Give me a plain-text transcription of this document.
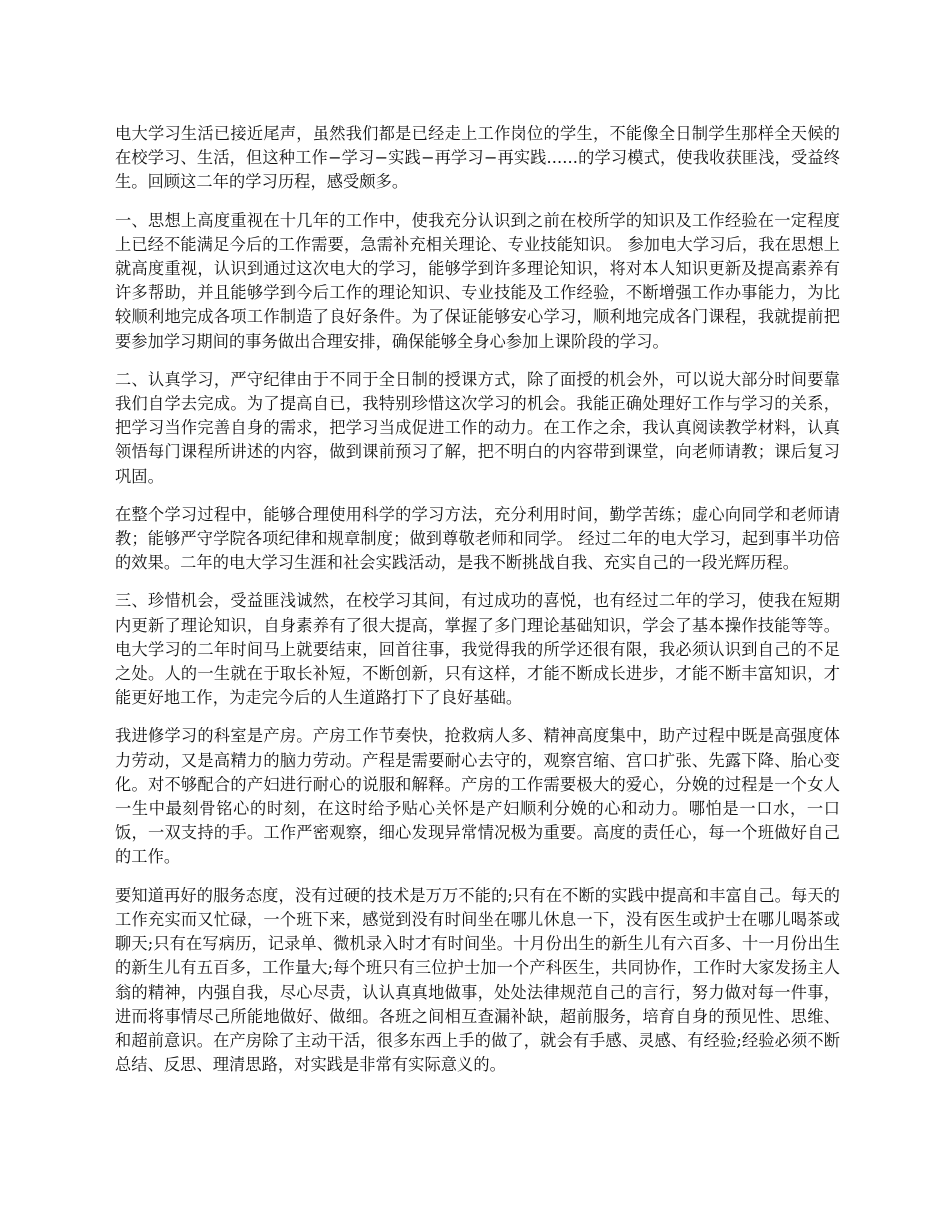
电大学习生活已接近尾声，虽然我们都是已经走上工作岗位的学生，不能像全日制学生那样全天候的在校学习、生活，但这种工作−学习−实践−再学习−再实践......的学习模式，使我收获匪浅，受益终生。回顾这二年的学习历程，感受颇多。

一、思想上高度重视在十几年的工作中，使我充分认识到之前在校所学的知识及工作经验在一定程度上已经不能满足今后的工作需要，急需补充相关理论、专业技能知识。 参加电大学习后，我在思想上就高度重视，认识到通过这次电大的学习，能够学到许多理论知识，将对本人知识更新及提高素养有许多帮助，并且能够学到今后工作的理论知识、专业技能及工作经验，不断增强工作办事能力，为比较顺利地完成各项工作制造了良好条件。为了保证能够安心学习，顺利地完成各门课程，我就提前把要参加学习期间的事务做出合理安排，确保能够全身心参加上课阶段的学习。

二、认真学习，严守纪律由于不同于全日制的授课方式，除了面授的机会外，可以说大部分时间要靠我们自学去完成。为了提高自已，我特别珍惜这次学习的机会。我能正确处理好工作与学习的关系，把学习当作完善自身的需求，把学习当成促进工作的动力。在工作之余，我认真阅读教学材料，认真领悟每门课程所讲述的内容，做到课前预习了解，把不明白的内容带到课堂，向老师请教；课后复习巩固。

在整个学习过程中，能够合理使用科学的学习方法，充分利用时间，勤学苦练；虚心向同学和老师请教；能够严守学院各项纪律和规章制度；做到尊敬老师和同学。 经过二年的电大学习，起到事半功倍的效果。二年的电大学习生涯和社会实践活动，是我不断挑战自我、充实自己的一段光辉历程。

三、珍惜机会，受益匪浅诚然，在校学习其间，有过成功的喜悦，也有经过二年的学习，使我在短期内更新了理论知识，自身素养有了很大提高，掌握了多门理论基础知识，学会了基本操作技能等等。电大学习的二年时间马上就要结束，回首往事，我觉得我的所学还很有限，我必须认识到自己的不足之处。人的一生就在于取长补短，不断创新，只有这样，才能不断成长进步，才能不断丰富知识，才能更好地工作，为走完今后的人生道路打下了良好基础。

我进修学习的科室是产房。产房工作节奏快，抢救病人多、精神高度集中，助产过程中既是高强度体力劳动，又是高精力的脑力劳动。产程是需要耐心去守的，观察宫缩、宫口扩张、先露下降、胎心变化。对不够配合的产妇进行耐心的说服和解释。产房的工作需要极大的爱心，分娩的过程是一个女人一生中最刻骨铭心的时刻，在这时给予贴心关怀是产妇顺利分娩的心和动力。哪怕是一口水，一口饭，一双支持的手。工作严密观察，细心发现异常情况极为重要。高度的责任心，每一个班做好自己的工作。

要知道再好的服务态度，没有过硬的技术是万万不能的;只有在不断的实践中提高和丰富自己。每天的工作充实而又忙碌，一个班下来，感觉到没有时间坐在哪儿休息一下，没有医生或护士在哪儿喝茶或聊天;只有在写病历，记录单、微机录入时才有时间坐。十月份出生的新生儿有六百多、十一月份出生的新生儿有五百多，工作量大;每个班只有三位护士加一个产科医生，共同协作，工作时大家发扬主人翁的精神，内强自我，尽心尽责，认认真真地做事，处处法律规范自己的言行，努力做对每一件事，进而将事情尽己所能地做好、做细。各班之间相互查漏补缺，超前服务，培育自身的预见性、思维、和超前意识。在产房除了主动干活，很多东西上手的做了，就会有手感、灵感、有经验;经验必须不断总结、反思、理清思路，对实践是非常有实际意义的。
